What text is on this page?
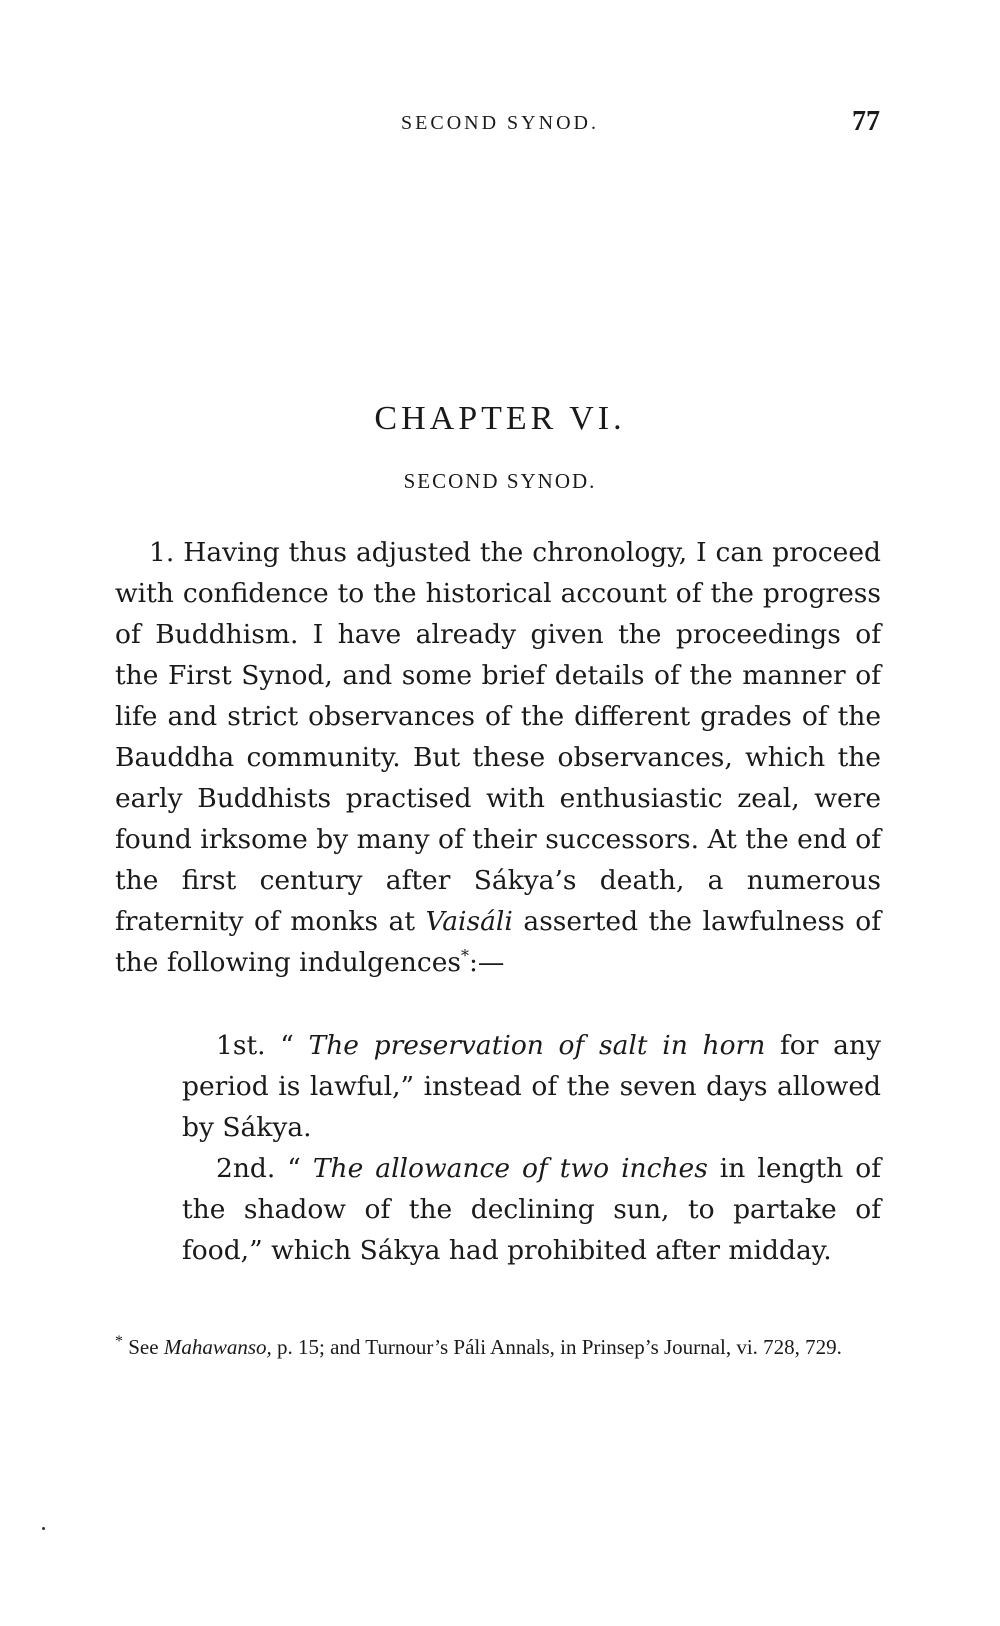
SECOND SYNOD.	77
CHAPTER VI.
SECOND SYNOD.
1. Having thus adjusted the chronology, I can proceed with confidence to the historical account of the progress of Buddhism. I have already given the proceedings of the First Synod, and some brief details of the manner of life and strict observances of the different grades of the Bauddha community. But these observances, which the early Buddhists practised with enthusiastic zeal, were found irksome by many of their successors. At the end of the first century after Sákya’s death, a numerous fraternity of monks at Vaisáli asserted the lawfulness of the following indulgences*:—
1st. “ The preservation of salt in horn for any period is lawful,” instead of the seven days allowed by Sákya.
2nd. “ The allowance of two inches in length of the shadow of the declining sun, to partake of food,” which Sákya had prohibited after midday.
* See Mahawanso, p. 15; and Turnour’s Páli Annals, in Prinsep’s Journal, vi. 728, 729.
